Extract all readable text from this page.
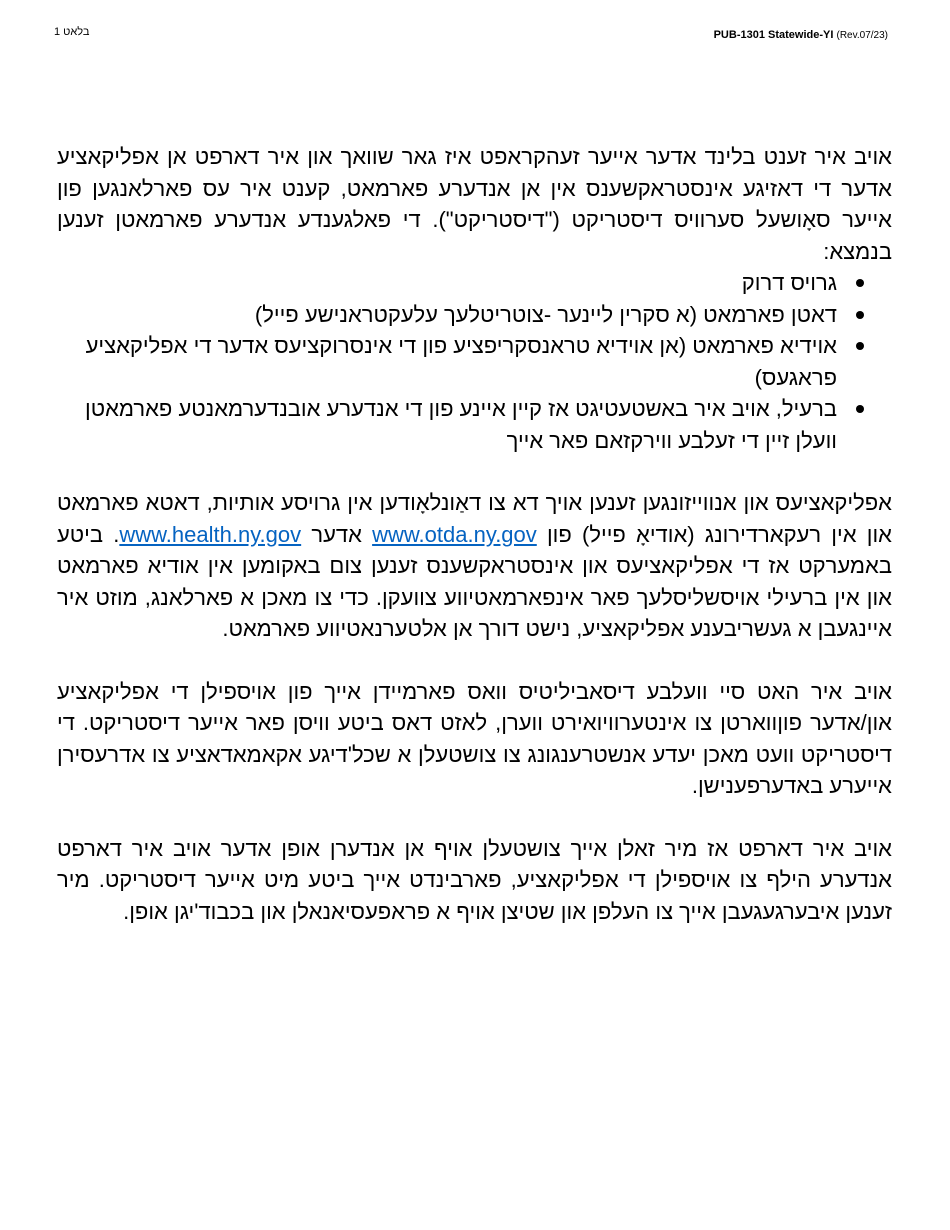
בלאט 1	PUB-1301 Statewide-YI (Rev.07/23)

אויב איר זענט בלינד אדער אייער זעהקראפט איז גאר שוואך און איר דארפט אן אפליקאציע אדער די דאזיגע אינסטראקשענס אין אן אנדערע פארמאט, קענט איר עס פארלאנגען פון אייער סאָושעל סערוויס דיסטריקט ("דיסטריקט"). די פאלגענדע אנדערע פארמאטן זענען בנמצא:

גרויס דרוק
דאטן פארמאט (א סקרין ליינער -צוטריטלעך עלעקטראנישע פייל)
אוידיא פארמאט (אן אוידיא טראנסקריפציע פון די אינסרוקציעס אדער די אפליקאציע פראגעס)
ברעיל, אויב איר באשטעטיגט אז קיין איינע פון די אנדערע אובנדערמאנטע פארמאטן וועלן זיין די זעלבע ווירקזאם פאר אייך

אפליקאציעס און אנווייזונגען זענען אויך דא צו דאַונלאָודען אין גרויסע אותיות, דאטא פארמאט און אין רעקארדירונג (אודיאָ פייל) פון www.otda.ny.gov אדער www.health.ny.gov. ביטע באמערקט אז די אפליקאציעס און אינסטראקשענס זענען צום באקומען אין אודיא פארמאט און אין ברעילי אויסשליסלעך פאר אינפארמאטיווע צוועקן. כדי צו מאכן א פארלאנג, מוזט איר איינגעבן א געשריבענע אפליקאציע, נישט דורך אן אלטערנאטיווע פארמאט.

אויב איר האט סיי וועלבע דיסאביליטיס וואס פארמיידן אייך פון אויספילן די אפליקאציע און/אדער פוןווארטן צו אינטערוויואירט ווערן, לאזט דאס ביטע וויסן פאר אייער דיסטריקט. די דיסטריקט וועט מאכן יעדע אנשטרענגונג צו צושטעלן א שכל'דיגע אקאמאדאציע צו אדרעסירן אייערע באדערפענישן.

אויב איר דארפט אז מיר זאלן אייך צושטעלן אויף אן אנדערן אופן אדער אויב איר דארפט אנדערע הילף צו אויספילן די אפליקאציע, פארבינדט אייך ביטע מיט אייער דיסטריקט. מיר זענען איבערגעגעבן אייך צו העלפן און שטיצן אויף א פראפעסיאנאלן און בכבוד'יגן אופן.
